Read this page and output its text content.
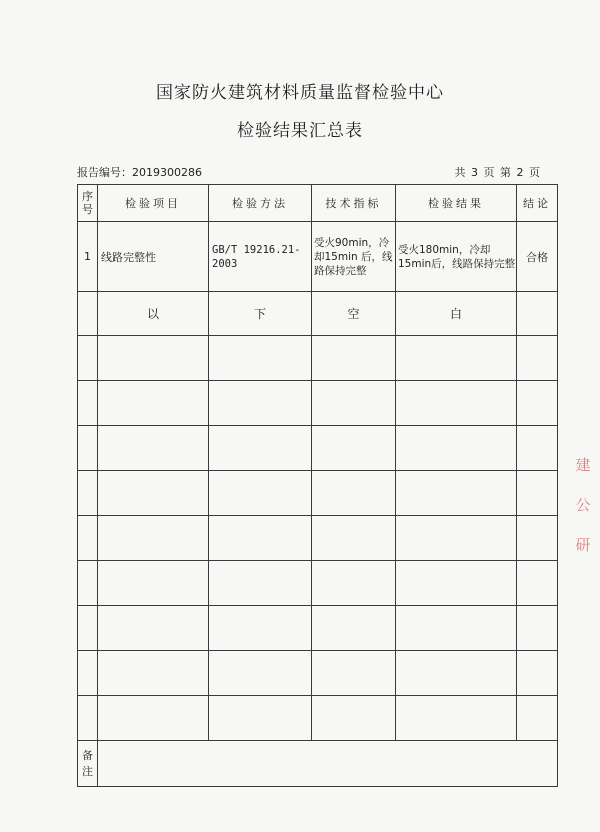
国家防火建筑材料质量监督检验中心
检验结果汇总表
报告编号：2019300286	共 3 页 第 2 页
序号	检验项目	检验方法	技术指标	检验结果	结论
1	线路完整性	GB/T 19216.21-2003	受火90min，冷却15min 后，线路保持完整	受火180min，冷却15min后，线路保持完整	合格
	以	下	空	白	

备注					
建
公
研
